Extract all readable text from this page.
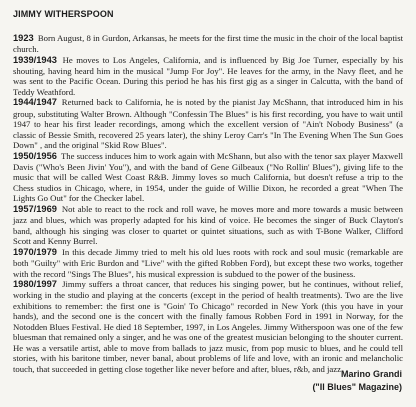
JIMMY WITHERSPOON

1923 Born August, 8 in Gurdon, Arkansas, he meets for the first time the music in the choir of the local baptist church.

1939/1943 He moves to Los Angeles, California, and is influenced by Big Joe Turner, especially by his shouting, having heard him in the musical "Jump For Joy". He leaves for the army, in the Navy fleet, and he was sent to the Pacific Ocean. During this period he has his first gig as a singer in Calcutta, with the band of Teddy Weathford.

1944/1947 Returned back to California, he is noted by the pianist Jay McShann, that introduced him in his group, substituting Walter Brown. Although "Confessin The Blues" is his first recording, you have to wait until 1947 to hear his first leader recordings, among which the excellent version of "Ain't Nobody Business" (a classic of Bessie Smith, recovered 25 years later), the shiny Leroy Carr's "In The Evening When The Sun Goes Down" , and the original "Skid Row Blues".

1950/1956 The success induces him to work again with McShann, but also with the tenor sax player Maxwell Davis ("Who's Been Jivin' You"), and with the band of Gene Gilbeaux ("No Rollin' Blues"), giving life to the music that will be called West Coast R&B. Jimmy loves so much California, but doesn't refuse a trip to the Chess studios in Chicago, where, in 1954, under the guide of Willie Dixon, he recorded a great "When The Lights Go Out" for the Checker label.

1957/1969 Not able to react to the rock and roll wave, he moves more and more towards a music between jazz and blues, which was properly adapted for his kind of voice. He becomes the singer of Buck Clayton's band, although his singing was closer to quartet or quintet situations, such as with T-Bone Walker, Clifford Scott and Kenny Burrel.

1970/1979 In this decade Jimmy tried to melt his old lues roots with rock and soul music (remarkable are both "Guilty" with Eric Burdon and "Live" with the gifted Robben Ford), but except these two works, together with the record "Sings The Blues", his musical expression is subdued to the power of the business.

1980/1997 Jimmy suffers a throat cancer, that reduces his singing power, but he continues, without relief, working in the studio and playing at the concerts (except in the period of health treatments). Two are the live exhibitions to remember: the first one is "Goin' To Chicago" recorded in New York (this you have in your hands), and the second one is the concert with the finally famous Robben Ford in 1991 in Norway, for the Notodden Blues Festival. He died 18 September, 1997, in Los Angeles. Jimmy Witherspoon was one of the few bluesman that remained only a singer, and he was one of the greatest musician belonging to the shouter current. He was a versatile artist, able to move from ballads to jazz music, from pop music to blues, and he could tell stories, with his baritone timber, never banal, about problems of life and love, with an ironic and melancholic touch, that succeeded in getting close together like never before and after, blues, r&b, and jazz.

Marino Grandi
("Il Blues" Magazine)
